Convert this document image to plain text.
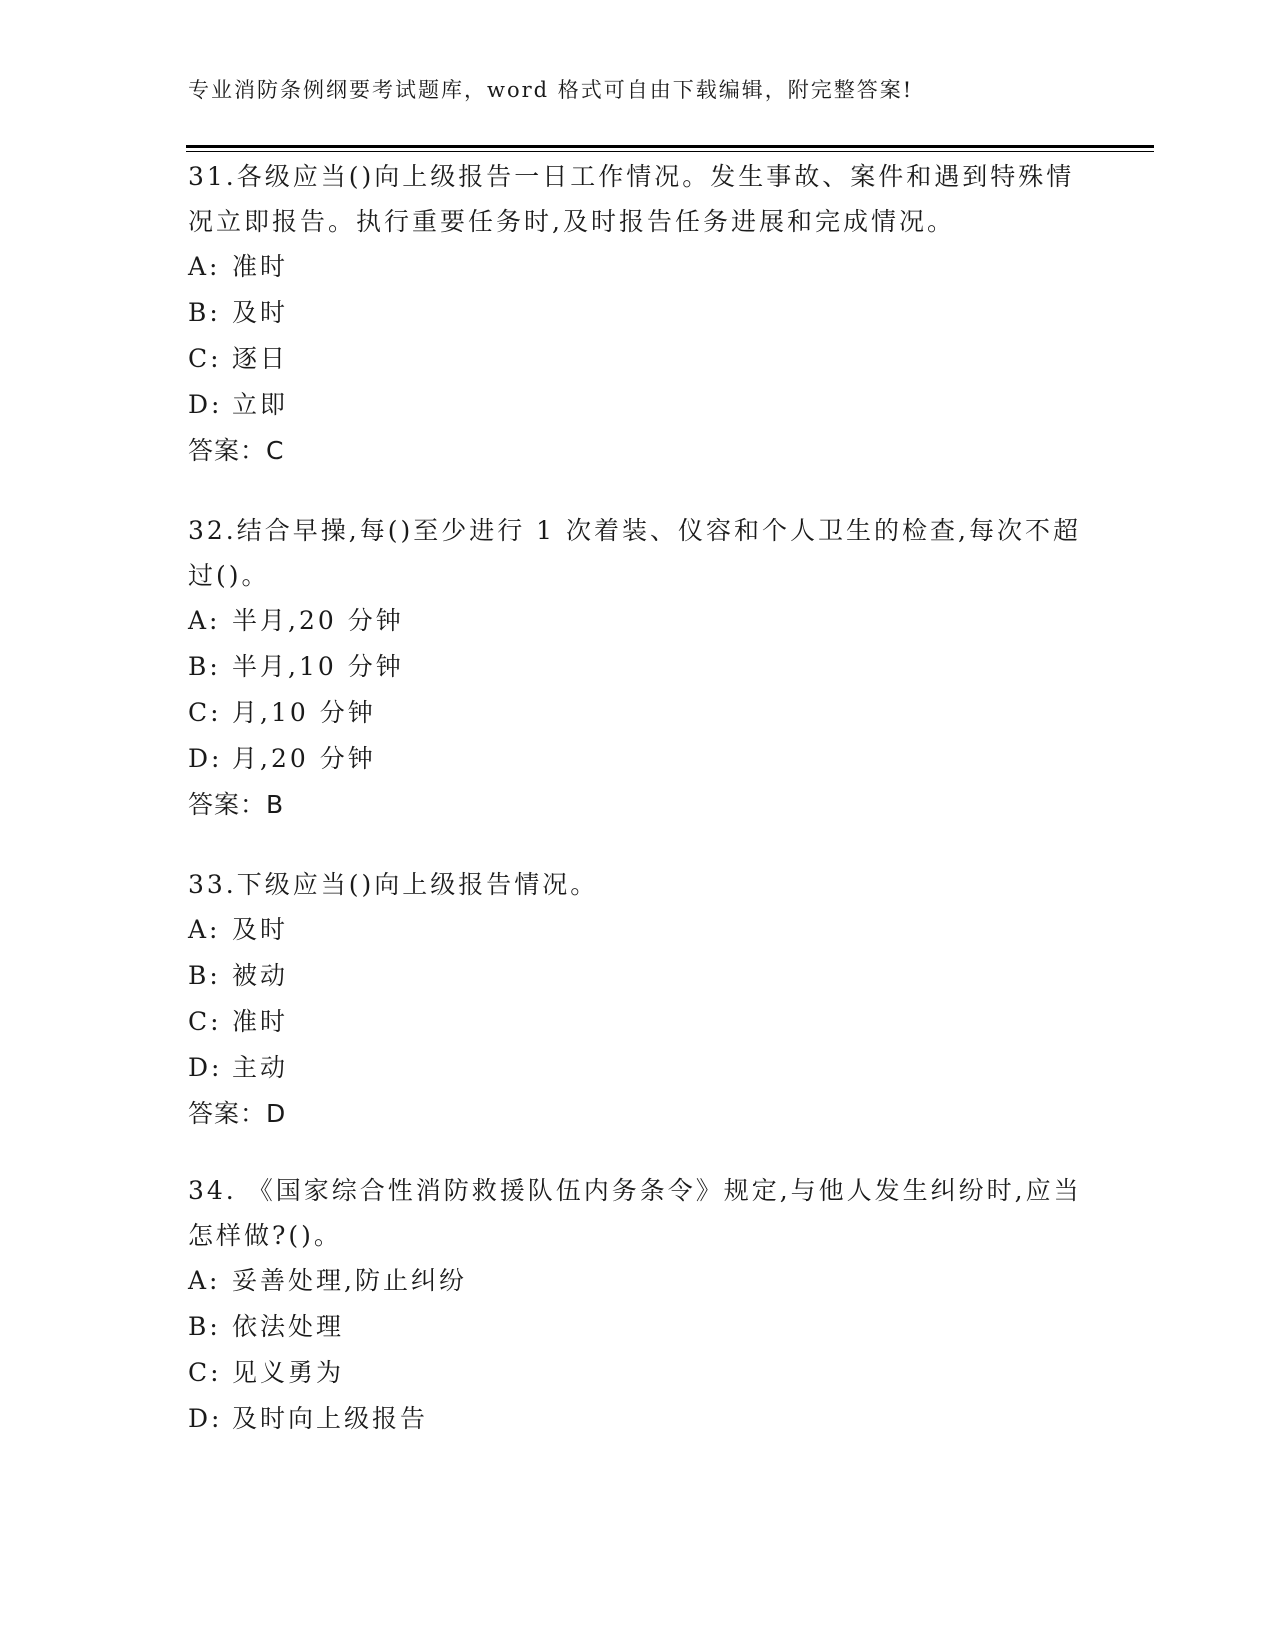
专业消防条例纲要考试题库，word 格式可自由下载编辑，附完整答案!

31.各级应当()向上级报告一日工作情况。发生事故、案件和遇到特殊情况立即报告。执行重要任务时,及时报告任务进展和完成情况。

A: 准时
B: 及时
C: 逐日
D: 立即
答案：C

32.结合早操,每()至少进行 1 次着装、仪容和个人卫生的检查,每次不超过()。

A: 半月,20 分钟
B: 半月,10 分钟
C: 月,10 分钟
D: 月,20 分钟
答案：B

33.下级应当()向上级报告情况。

A: 及时
B: 被动
C: 准时
D: 主动
答案：D

34. 《国家综合性消防救援队伍内务条令》规定,与他人发生纠纷时,应当怎样做?()。

A: 妥善处理,防止纠纷
B: 依法处理
C: 见义勇为
D: 及时向上级报告
